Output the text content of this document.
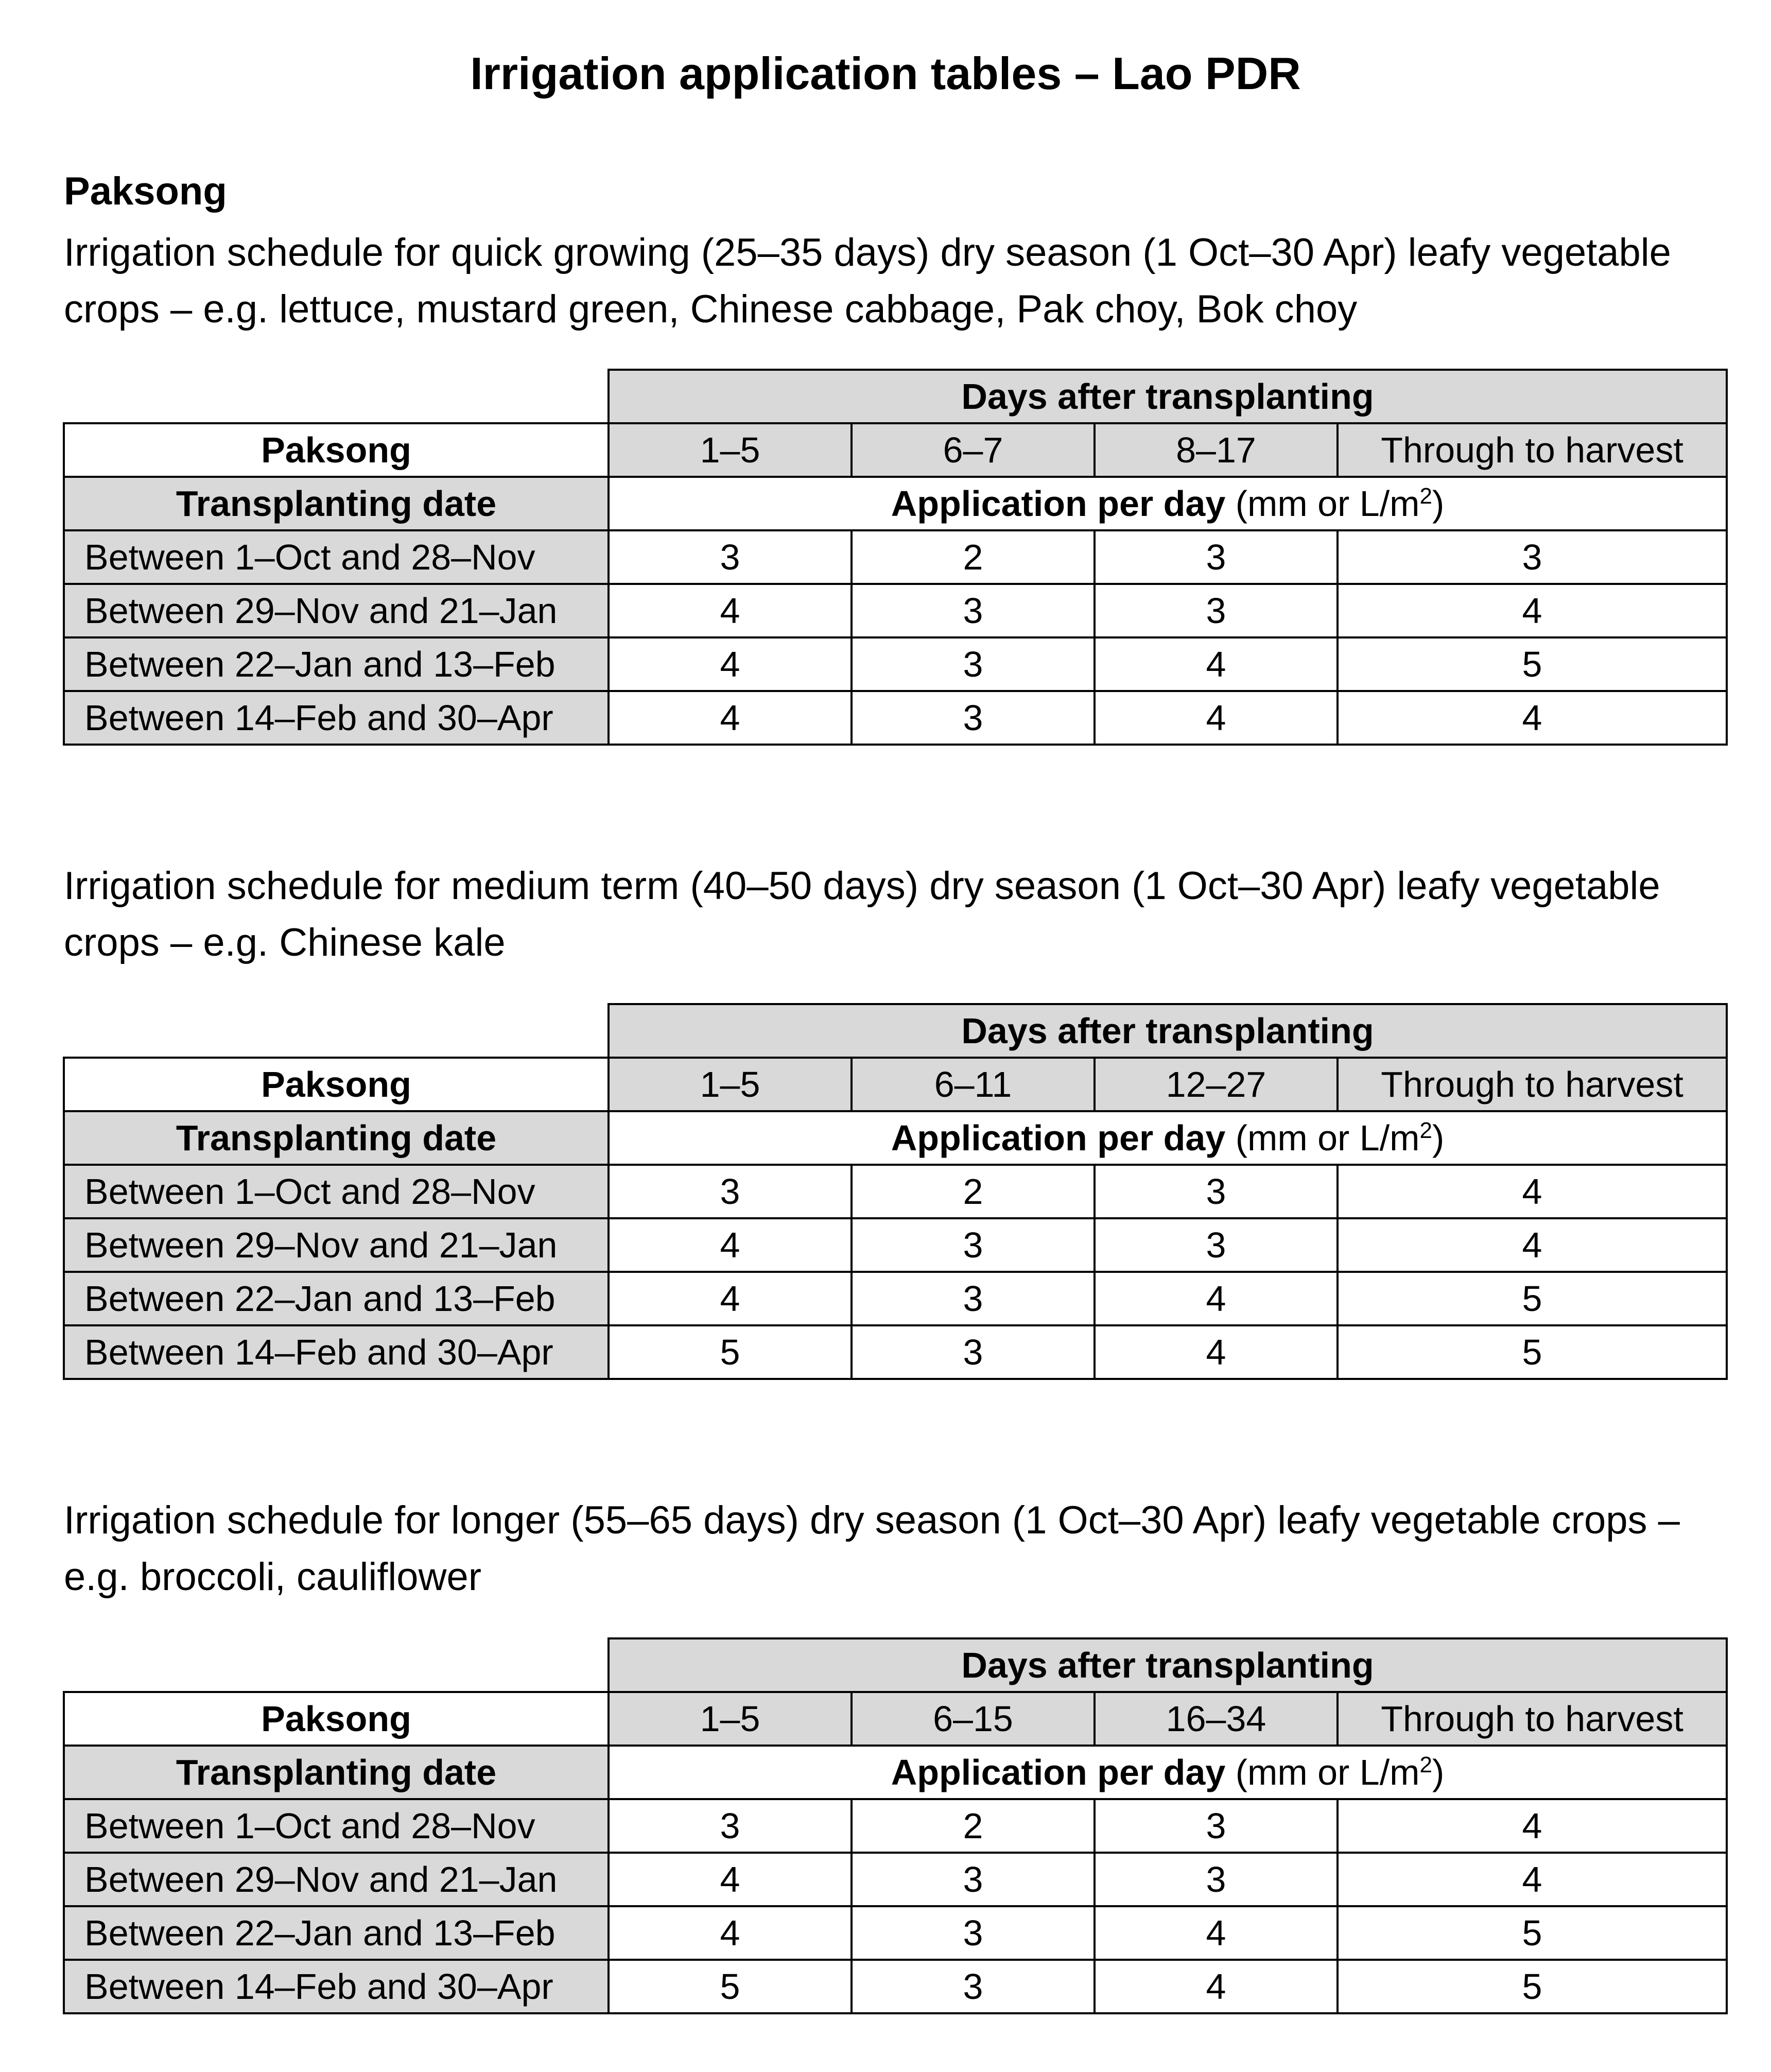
Irrigation application tables – Lao PDR
Paksong

Irrigation schedule for quick growing (25–35 days) dry season (1 Oct–30 Apr) leafy vegetable crops – e.g. lettuce, mustard green, Chinese cabbage, Pak choy, Bok choy

Irrigation schedule for medium term (40–50 days) dry season (1 Oct–30 Apr) leafy vegetable crops – e.g. Chinese kale

Irrigation schedule for longer (55–65 days) dry season (1 Oct–30 Apr) leafy vegetable crops – e.g. broccoli, cauliflower

	Days after transplanting			
Paksong	1–5	6–7	8–17	Through to harvest
Transplanting date	Application per day (mm or $L/m^2$)			
Between 1–Oct and 28–Nov	3	2	3	3
Between 29–Nov and 21–Jan	4	3	3	4
Between 22–Jan and 13–Feb	4	3	4	5
Between 14–Feb and 30–Apr	4	3	4	4
	Days after transplanting			
Paksong	1–5	6–11	12–27	Through to harvest
Transplanting date	Application per day (mm or $L/m^2$)			
Between 1–Oct and 28–Nov	3	2	3	4
Between 29–Nov and 21–Jan	4	3	3	4
Between 22–Jan and 13–Feb	4	3	4	5
Between 14–Feb and 30–Apr	5	3	4	5
	Days after transplanting			
Paksong	1–5	6–15	16–34	Through to harvest
Transplanting date	Application per day (mm or $L/m^2$)			
Between 1–Oct and 28–Nov	3	2	3	4
Between 29–Nov and 21–Jan	4	3	3	4
Between 22–Jan and 13–Feb	4	3	4	5
Between 14–Feb and 30–Apr	5	3	4	5
